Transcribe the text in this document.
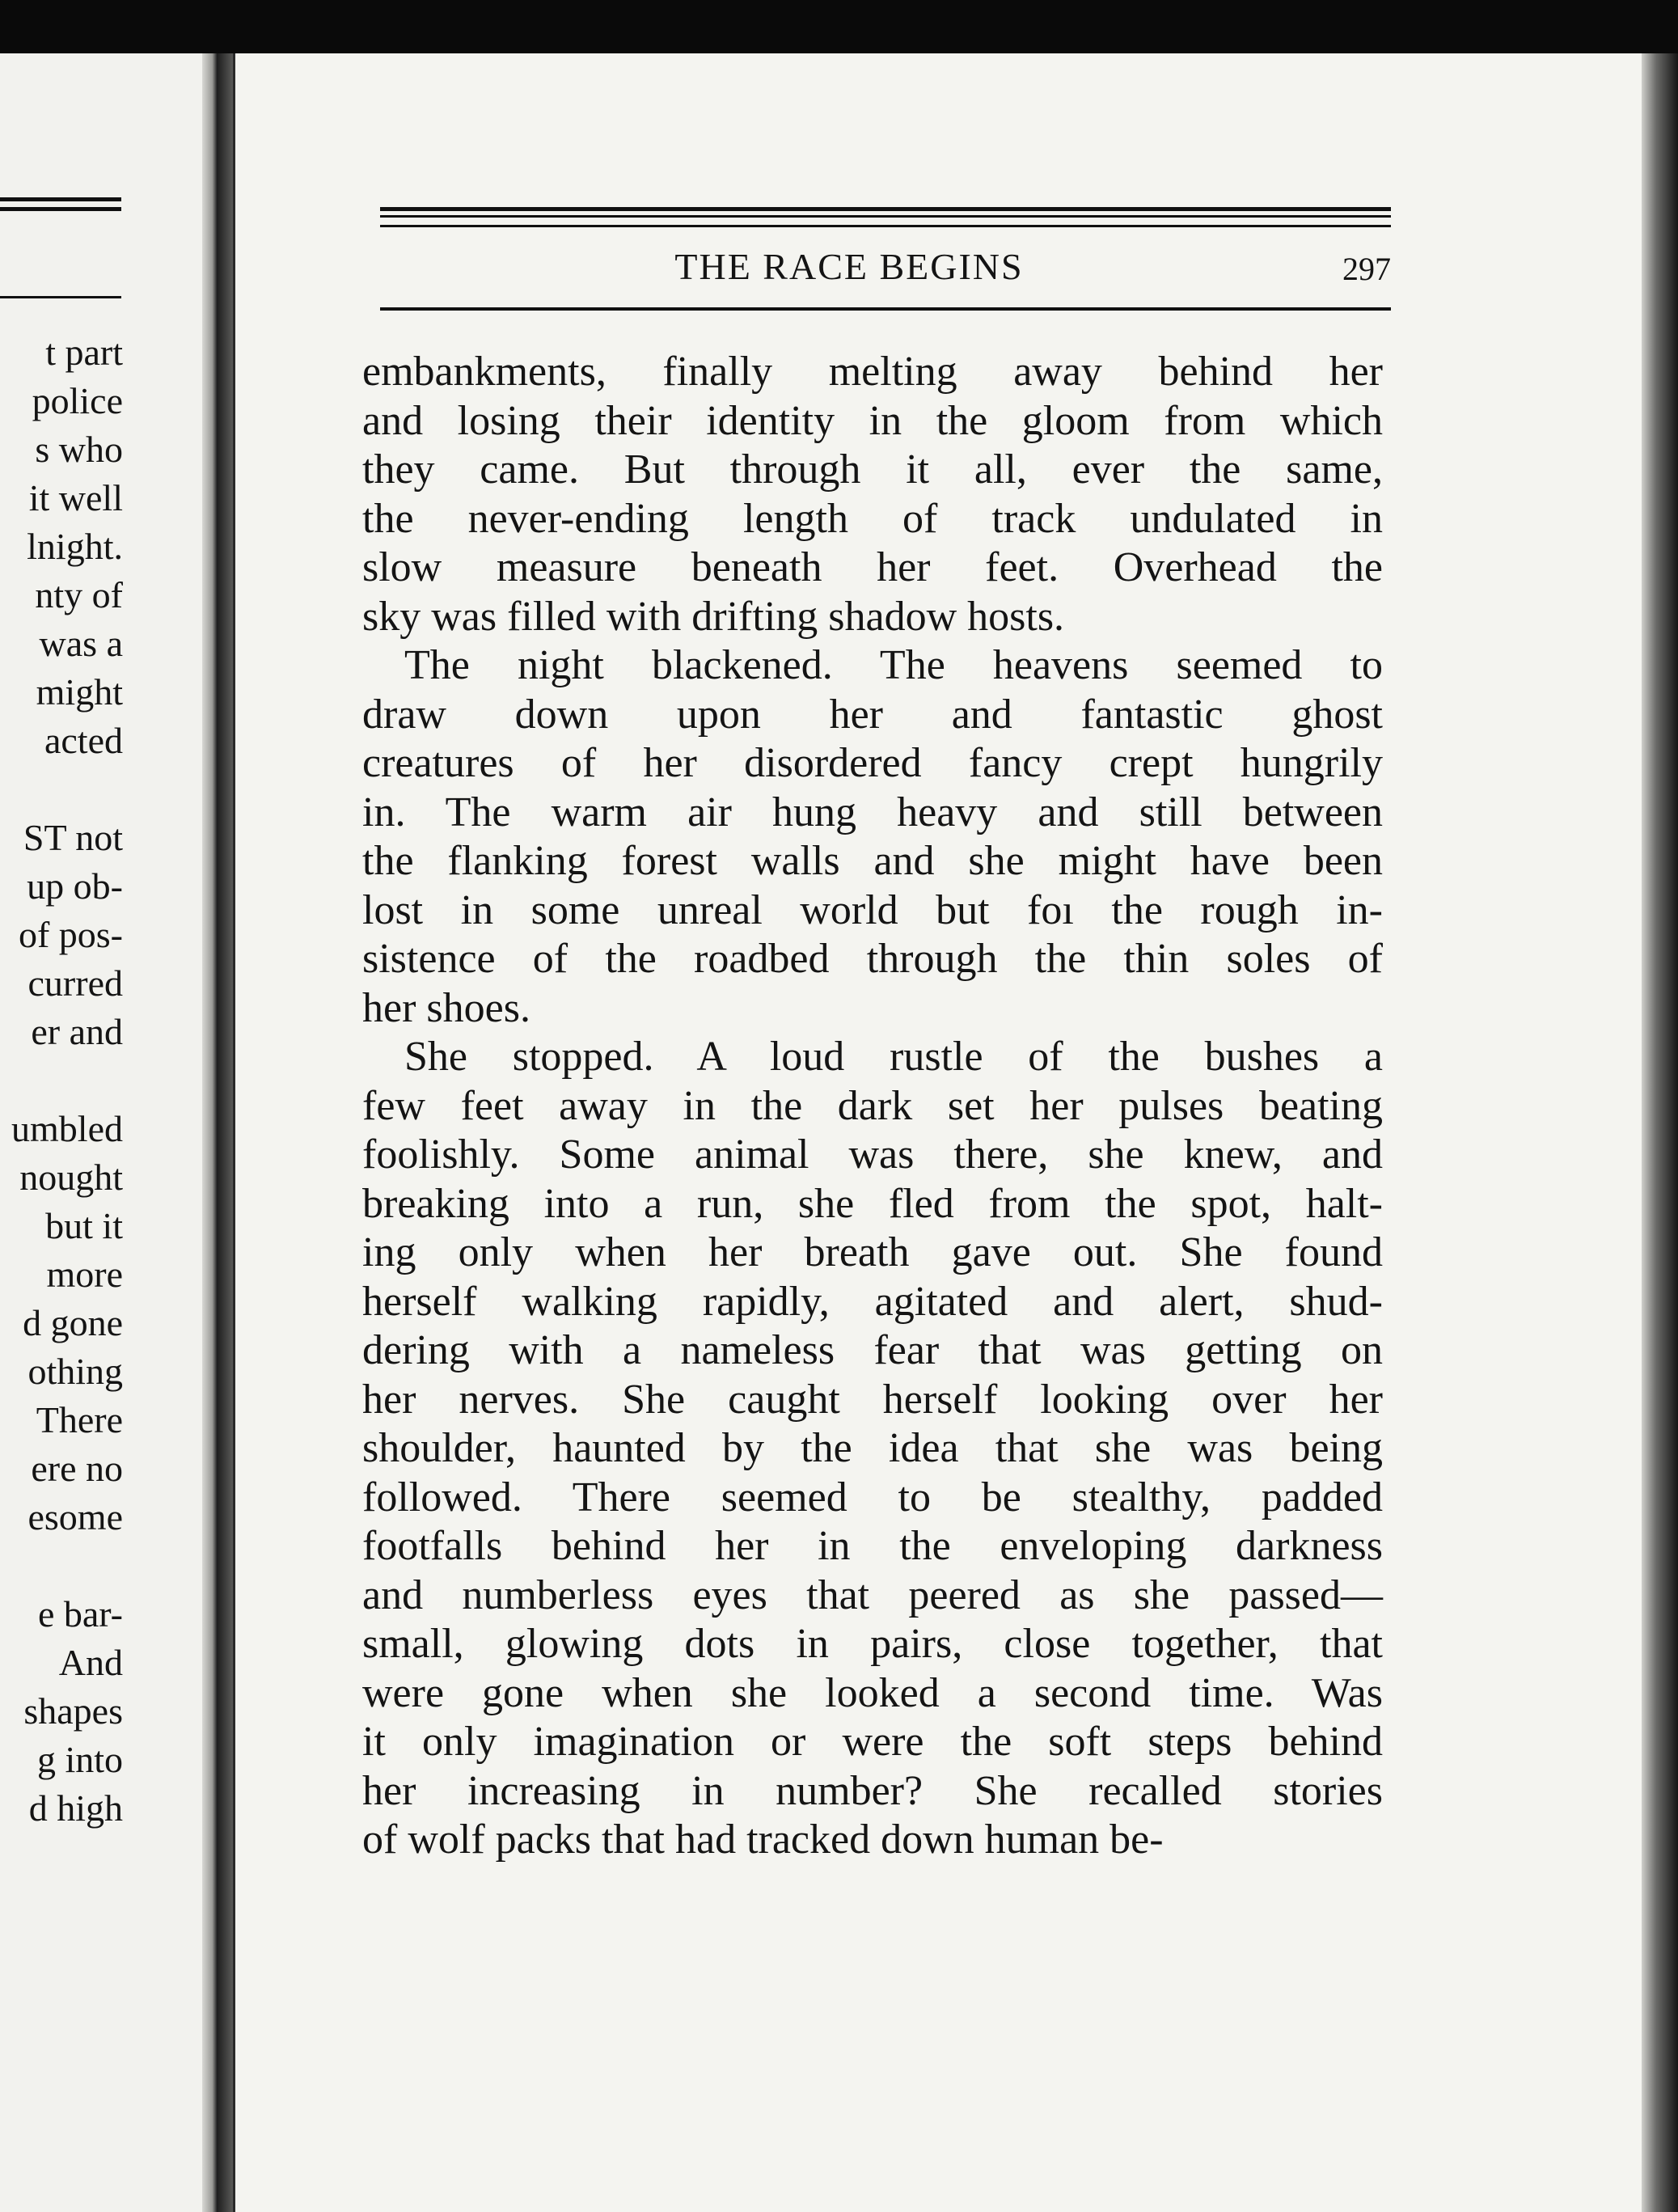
t part
police
s who
it well
lnight.
nty of
was a
might
acted
ST not
up ob-
of pos-
curred
er and
umbled
nought
but it
more
d gone
othing
There
ere no
esome
e bar-
And
shapes
g into
d high
THE RACE BEGINS	297
embankments, finally melting away behind her
and losing their identity in the gloom from which
they came. But through it all, ever the same,
the never-ending length of track undulated in
slow measure beneath her feet. Overhead the
sky was filled with drifting shadow hosts.
The night blackened. The heavens seemed to
draw down upon her and fantastic ghost
creatures of her disordered fancy crept hungrily
in. The warm air hung heavy and still between
the flanking forest walls and she might have been
lost in some unreal world but foı the rough in-
sistence of the roadbed through the thin soles of
her shoes.
She stopped. A loud rustle of the bushes a
few feet away in the dark set her pulses beating
foolishly. Some animal was there, she knew, and
breaking into a run, she fled from the spot, halt-
ing only when her breath gave out. She found
herself walking rapidly, agitated and alert, shud-
dering with a nameless fear that was getting on
her nerves. She caught herself looking over her
shoulder, haunted by the idea that she was being
followed. There seemed to be stealthy, padded
footfalls behind her in the enveloping darkness
and numberless eyes that peered as she passed—
small, glowing dots in pairs, close together, that
were gone when she looked a second time. Was
it only imagination or were the soft steps behind
her increasing in number? She recalled stories
of wolf packs that had tracked down human be-
